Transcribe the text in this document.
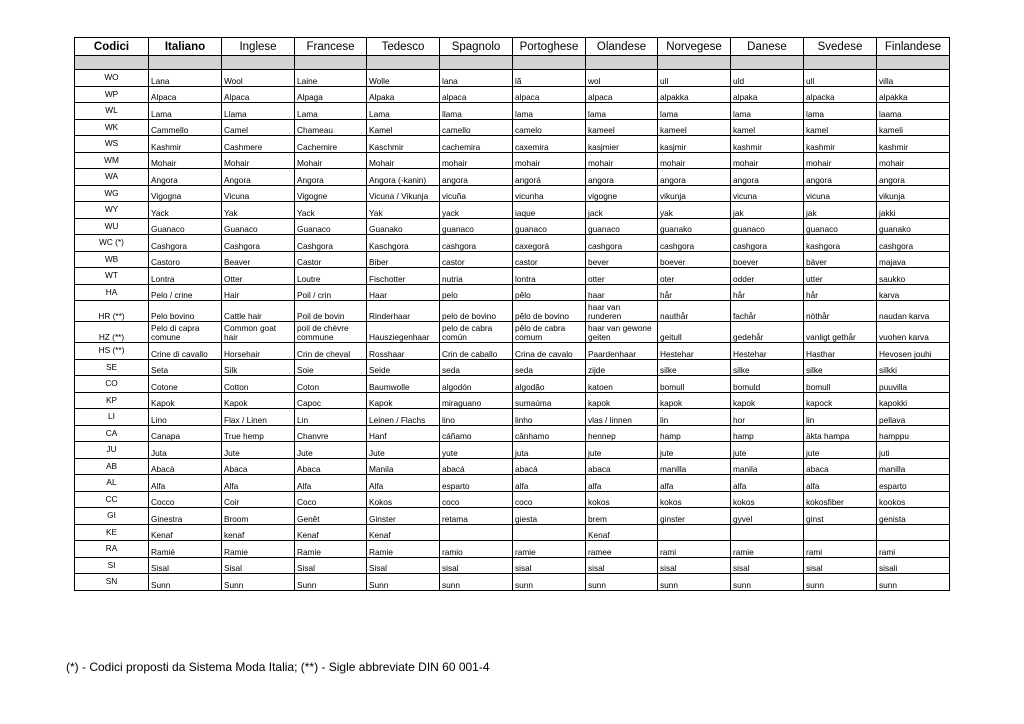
Codici	Italiano	Inglese	Francese	Tedesco	Spagnolo	Portoghese	Olandese	Norvegese	Danese	Svedese	Finlandese

WO	Lana	Wool	Laine	Wolle	lana	lã	wol	ull	uld	ull	villa
WP	Alpaca	Alpaca	Alpaga	Alpaka	alpaca	alpaca	alpaca	alpakka	alpaka	alpacka	alpakka
WL	Lama	Llama	Lama	Lama	llama	lama	lama	lama	lama	lama	laama
WK	Cammello	Camel	Chameau	Kamel	camello	camelo	kameel	kameel	kamel	kamel	kameli
WS	Kashmir	Cashmere	Cachemire	Kaschmir	cachemira	caxemira	kasjmier	kasjmir	kashmir	kashmir	kashmir
WM	Mohair	Mohair	Mohair	Mohair	mohair	mohair	mohair	mohair	mohair	mohair	mohair
WA	Angora	Angora	Angora	Angora (-kanin)	angora	angorá	angora	angora	angora	angora	angora
WG	Vigogna	Vicuna	Vigogne	Vicuna / Vikunja	vicuña	vicunha	vigogne	vikunja	vicuna	vicuna	vikunja
WY	Yack	Yak	Yack	Yak	yack	iaque	jack	yak	jak	jak	jakki
WU	Guanaco	Guanaco	Guanaco	Guanako	guanaco	guanaco	guanaco	guanako	guanaco	guanaco	guanako
WC (*)	Cashgora	Cashgora	Cashgora	Kaschgora	cashgora	caxegorá	cashgora	cashgora	cashgora	kashgora	cashgora
WB	Castoro	Beaver	Castor	Biber	castor	castor	bever	boever	boever	bäver	majava
WT	Lontra	Otter	Loutre	Fischotter	nutria	lontra	otter	oter	odder	utter	saukko
HA	Pelo / crine	Hair	Poil / crin	Haar	pelo	pêlo	haar	hår	hår	hår	karva
HR (**)	Pelo bovino	Cattle hair	Poil de bovin	Rinderhaar	pelo de bovino	pêlo de bovino	haar van runderen	nauthår	fachår	nöthår	naudan karva
HZ (**)	Pelo di capra comune	Common goat hair	poil de chèvre commune	Hausziegenhaar	pelo de cabra común	pêlo de cabra comum	haar van gewone geiten	geitull	gedehår	vanligt gethår	vuohen karva
HS (**)	Crine di cavallo	Horsehair	Crin de cheval	Rosshaar	Crin de caballo	Crina de cavalo	Paardenhaar	Hestehar	Hestehar	Hasthar	Hevosen jouhi
SE	Seta	Silk	Soie	Seide	seda	seda	zijde	silke	silke	silke	silkki
CO	Cotone	Cotton	Coton	Baumwolle	algodón	algodão	katoen	bomull	bomuld	bomull	puuvilla
KP	Kapok	Kapok	Capoc	Kapok	miraguano	sumaúma	kapok	kapok	kapok	kapock	kapokki
LI	Lino	Flax / Linen	Lin	Leinen / Flachs	lino	linho	vlas / linnen	lin	hor	lin	pellava
CA	Canapa	True hemp	Chanvre	Hanf	cáñamo	cânhamo	hennep	hamp	hamp	äkta hampa	hamppu
JU	Juta	Jute	Jute	Jute	yute	juta	jute	jute	jute	jute	juti
AB	Abacà	Abaca	Abaca	Manila	abacá	abacá	abaca	manilla	manila	abaca	manilla
AL	Alfa	Alfa	Alfa	Alfa	esparto	alfa	alfa	alfa	alfa	alfa	esparto
CC	Cocco	Coir	Coco	Kokos	coco	coco	kokos	kokos	kokos	kokosfiber	kookos
GI	Ginestra	Broom	Genêt	Ginster	retama	giesta	brem	ginster	gyvel	ginst	genista
KE	Kenaf	kenaf	Kenaf	Kenaf			Kenaf				
RA	Ramié	Ramie	Ramie	Ramie	ramio	ramie	ramee	rami	ramie	rami	rami
SI	Sisal	Sisal	Sisal	Sisal	sisal	sisal	sisal	sisal	sisal	sisal	sisali
SN	Sunn	Sunn	Sunn	Sunn	sunn	sunn	sunn	sunn	sunn	sunn	sunn
(*) - Codici proposti da Sistema Moda Italia; (**) - Sigle abbreviate DIN 60 001-4
